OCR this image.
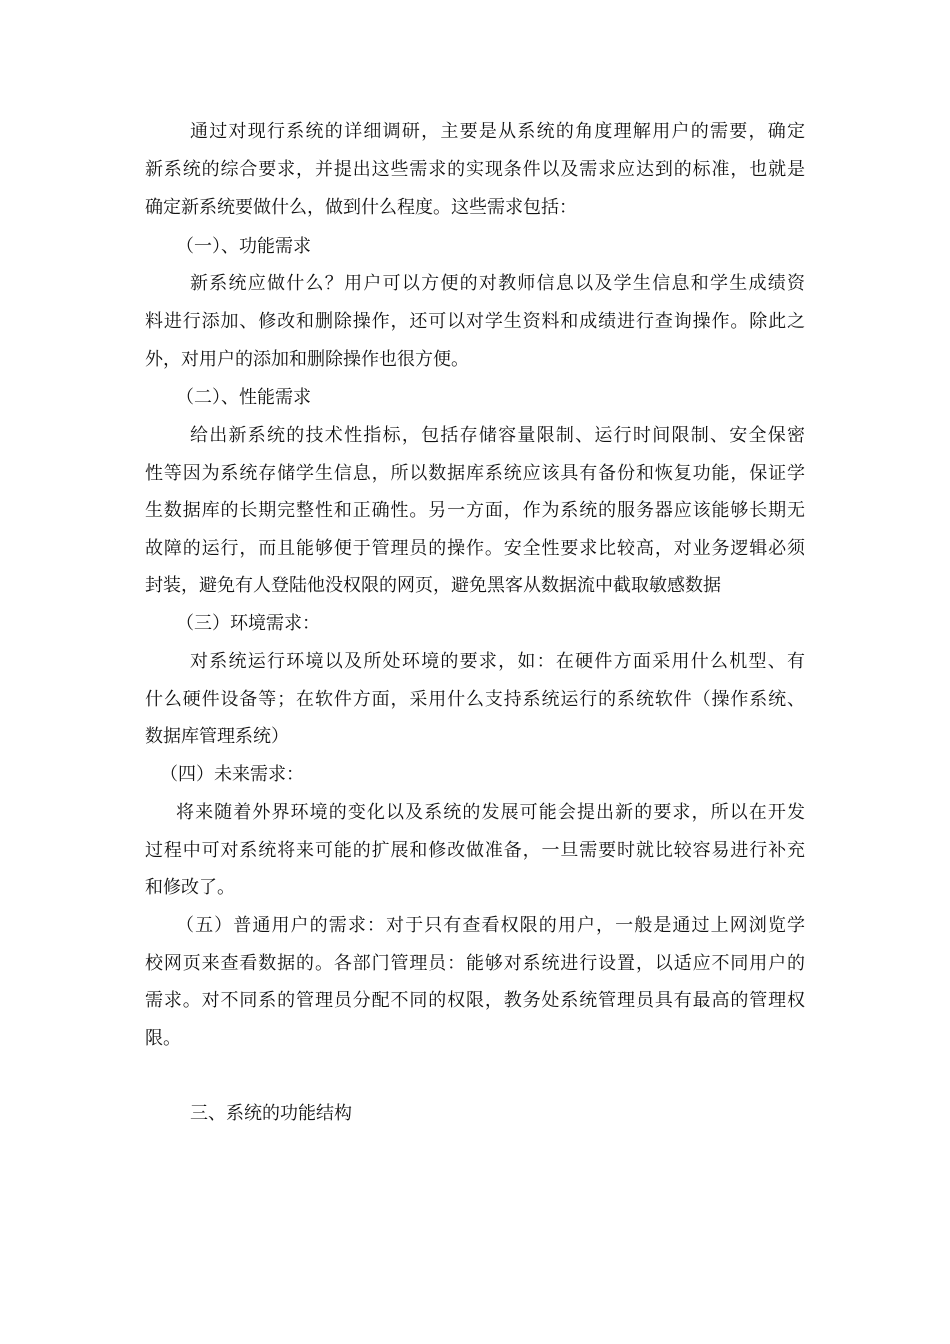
通过对现行系统的详细调研，主要是从系统的角度理解用户的需要，确定
新系统的综合要求，并提出这些需求的实现条件以及需求应达到的标准，也就是
确定新系统要做什么，做到什么程度。这些需求包括：
（一）、功能需求
新系统应做什么？用户可以方便的对教师信息以及学生信息和学生成绩资
料进行添加、修改和删除操作，还可以对学生资料和成绩进行查询操作。除此之
外，对用户的添加和删除操作也很方便。
（二）、性能需求
给出新系统的技术性指标，包括存储容量限制、运行时间限制、安全保密
性等因为系统存储学生信息，所以数据库系统应该具有备份和恢复功能，保证学
生数据库的长期完整性和正确性。另一方面，作为系统的服务器应该能够长期无
故障的运行，而且能够便于管理员的操作。安全性要求比较高，对业务逻辑必须
封装，避免有人登陆他没权限的网页，避免黑客从数据流中截取敏感数据
（三）环境需求：
对系统运行环境以及所处环境的要求，如：在硬件方面采用什么机型、有
什么硬件设备等；在软件方面，采用什么支持系统运行的系统软件（操作系统、
数据库管理系统）
（四）未来需求：
将来随着外界环境的变化以及系统的发展可能会提出新的要求，所以在开发
过程中可对系统将来可能的扩展和修改做准备，一旦需要时就比较容易进行补充
和修改了。
（五）普通用户的需求：对于只有查看权限的用户，一般是通过上网浏览学
校网页来查看数据的。各部门管理员：能够对系统进行设置，以适应不同用户的
需求。对不同系的管理员分配不同的权限，教务处系统管理员具有最高的管理权
限。
三、系统的功能结构
